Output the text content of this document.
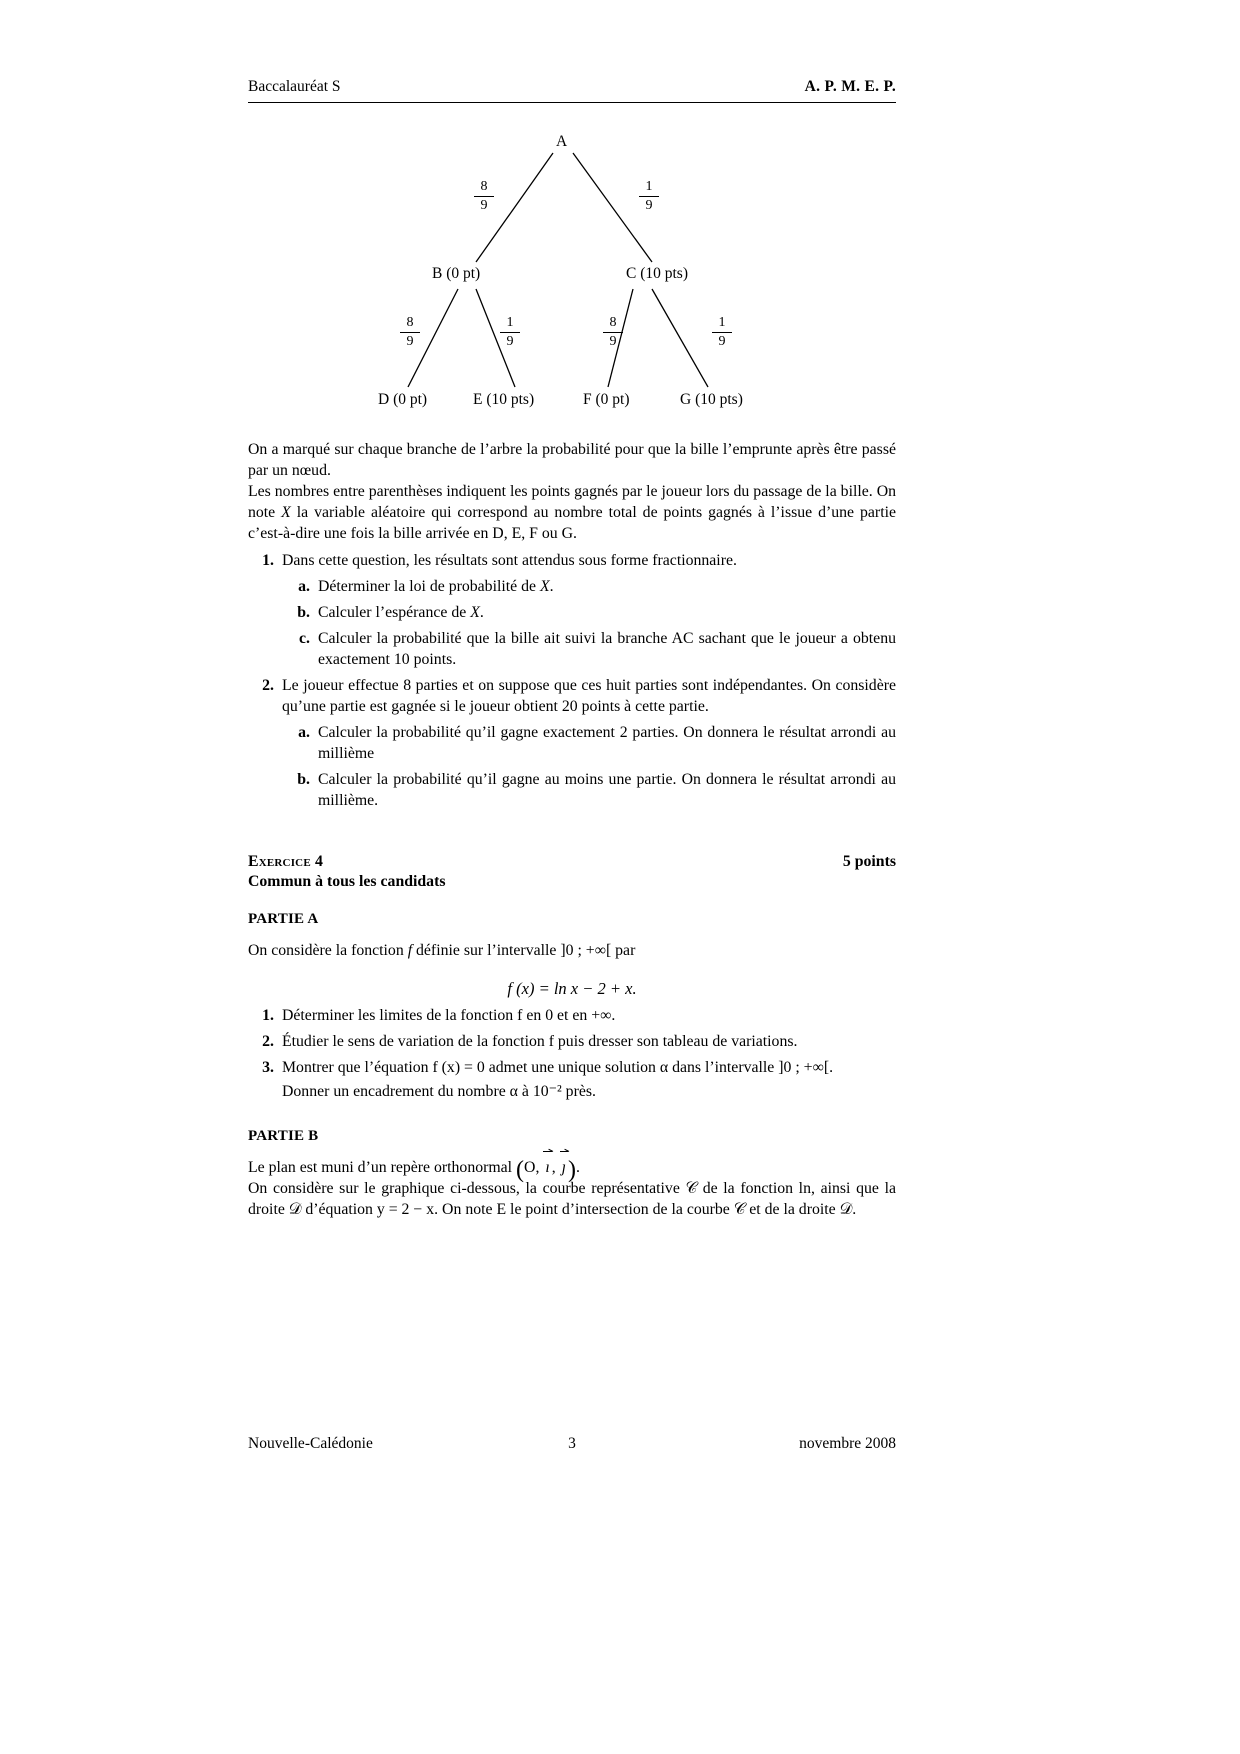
Baccalauréat S	A. P. M. E. P.
A
B (0 pt)	C (10 pts)
D (0 pt)	E (10 pts)	F (0 pt)	G (10 pts)
8
9
1
9
8
9
1
9
8
9
1
9

On a marqué sur chaque branche de l’arbre la probabilité pour que la bille l’emprunte après être passé par un nœud.

Les nombres entre parenthèses indiquent les points gagnés par le joueur lors du passage de la bille. On note X la variable aléatoire qui correspond au nombre total de points gagnés à l’issue d’une partie c’est-à-dire une fois la bille arrivée en D, E, F ou G.

1. Dans cette question, les résultats sont attendus sous forme fractionnaire.
a. Déterminer la loi de probabilité de X.
b. Calculer l’espérance de X.
c. Calculer la probabilité que la bille ait suivi la branche AC sachant que le joueur a obtenu exactement 10 points.
2. Le joueur effectue 8 parties et on suppose que ces huit parties sont indépendantes. On considère qu’une partie est gagnée si le joueur obtient 20 points à cette partie.
a. Calculer la probabilité qu’il gagne exactement 2 parties. On donnera le résultat arrondi au millième
b. Calculer la probabilité qu’il gagne au moins une partie. On donnera le résultat arrondi au millième.
Exercice 4	5 points
Commun à tous les candidats
PARTIE A

On considère la fonction f définie sur l’intervalle ]0 ; +∞[ par

f (x) = ln x − 2 + x.
1. Déterminer les limites de la fonction f en 0 et en +∞.
2. Étudier le sens de variation de la fonction f puis dresser son tableau de variations.
3. Montrer que l’équation f (x) = 0 admet une unique solution α dans l’intervalle ]0 ; +∞[.
Donner un encadrement du nombre α à 10⁻² près.
PARTIE B

Le plan est muni d’un repère orthonormal (O, ı , ȷ).

On considère sur le graphique ci-dessous, la courbe représentative 𝒞 de la fonction ln, ainsi que la droite 𝒟 d’équation y = 2 − x. On note E le point d’intersection de la courbe 𝒞 et de la droite 𝒟.

Nouvelle-Calédonie	3	novembre 2008
